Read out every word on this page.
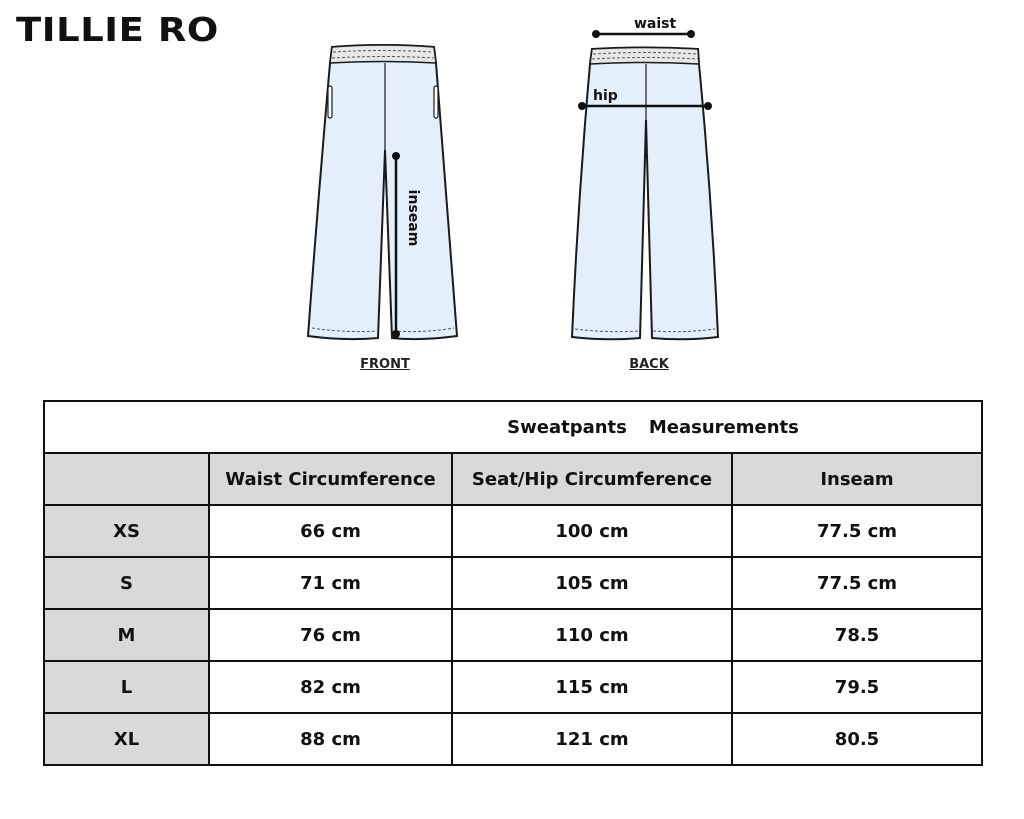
TILLIE RO	waist
hip
inseam
FRONT	BACK
Sweatpants Measurements			
	Waist Circumference	Seat/Hip Circumference	Inseam
XS	66 cm	100 cm	77.5 cm
S	71 cm	105 cm	77.5 cm
M	76 cm	110 cm	78.5
L	82 cm	115 cm	79.5
XL	88 cm	121 cm	80.5
